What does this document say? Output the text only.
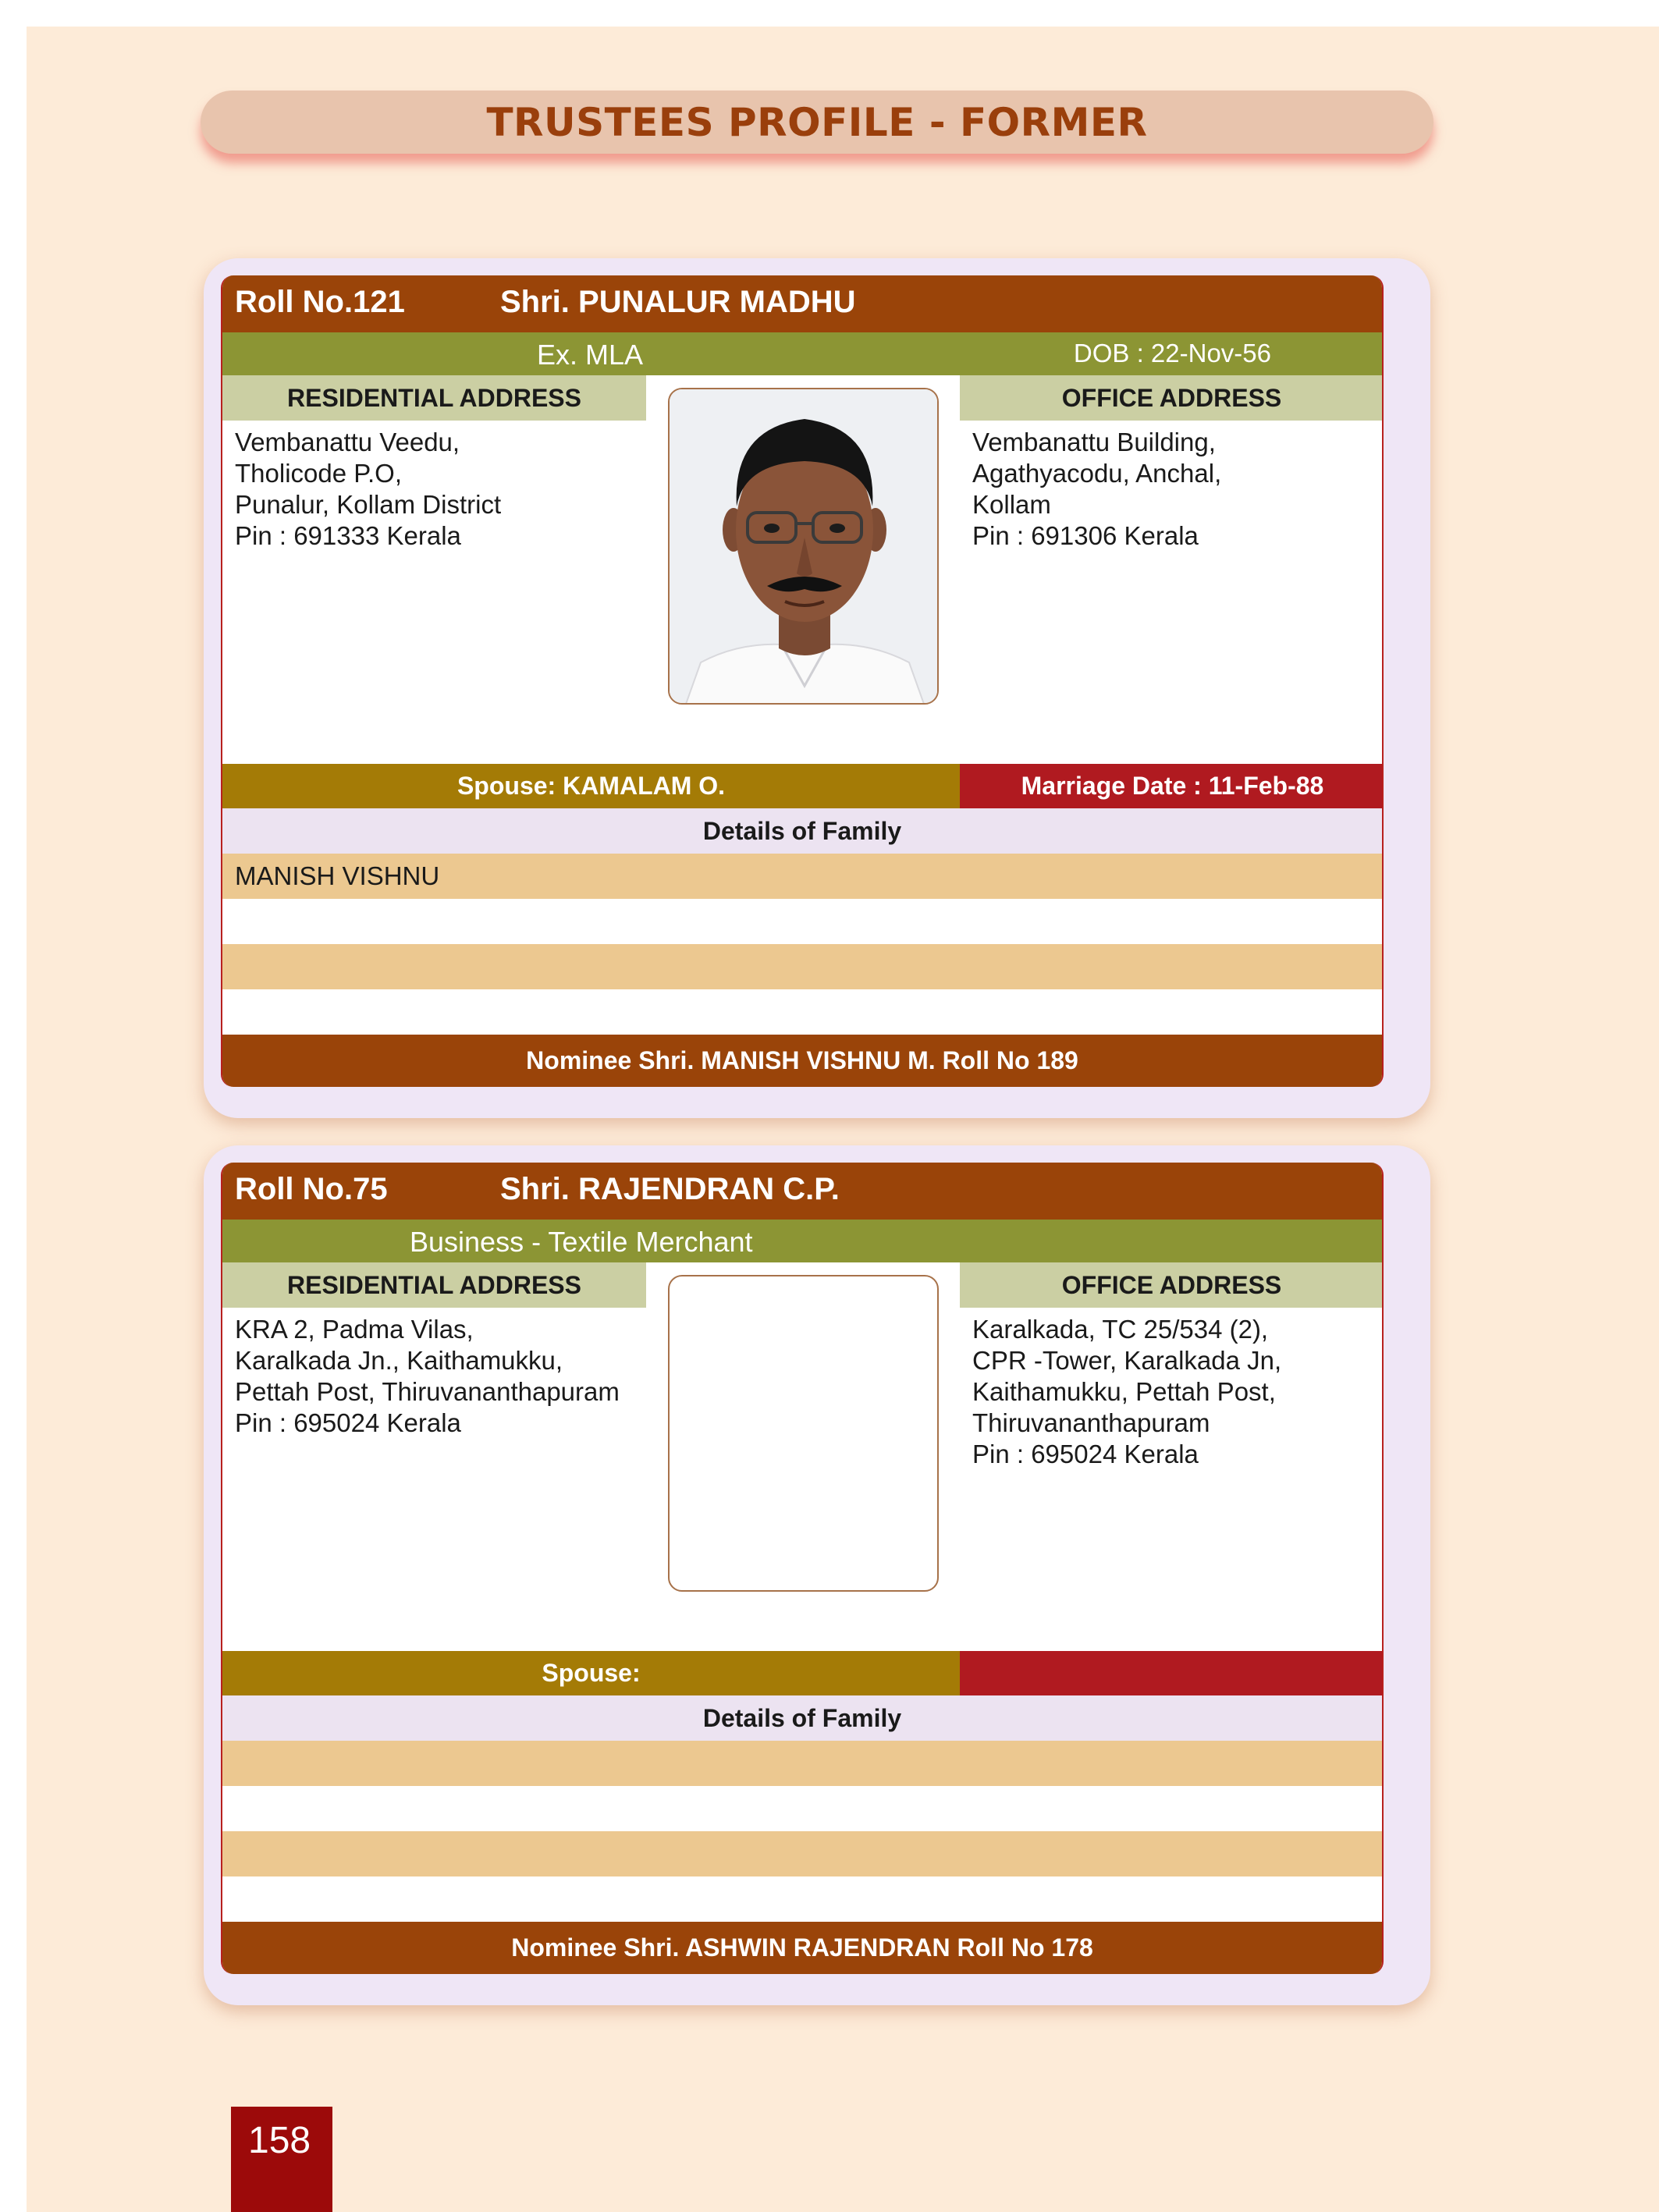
TRUSTEES PROFILE - FORMER
Roll No.121	Shri. PUNALUR MADHU
Ex. MLA	DOB : 22-Nov-56
RESIDENTIAL ADDRESS	OFFICE ADDRESS
Vembanattu Veedu,
Tholicode P.O,
Punalur, Kollam District
Pin : 691333 Kerala
Vembanattu Building,
Agathyacodu, Anchal,
Kollam
Pin : 691306 Kerala
Spouse: KAMALAM O.	Marriage Date : 11-Feb-88
Details of Family
MANISH VISHNU
Nominee Shri. MANISH VISHNU M. Roll No 189
Roll No.75	Shri. RAJENDRAN C.P.
Business - Textile Merchant
RESIDENTIAL ADDRESS	OFFICE ADDRESS
KRA 2, Padma Vilas,
Karalkada Jn., Kaithamukku,
Pettah Post, Thiruvananthapuram
Pin : 695024 Kerala
Karalkada, TC 25/534 (2),
CPR -Tower, Karalkada Jn,
Kaithamukku, Pettah Post,
Thiruvananthapuram
Pin : 695024 Kerala
Spouse:
Details of Family
Nominee Shri. ASHWIN RAJENDRAN Roll No 178
158
